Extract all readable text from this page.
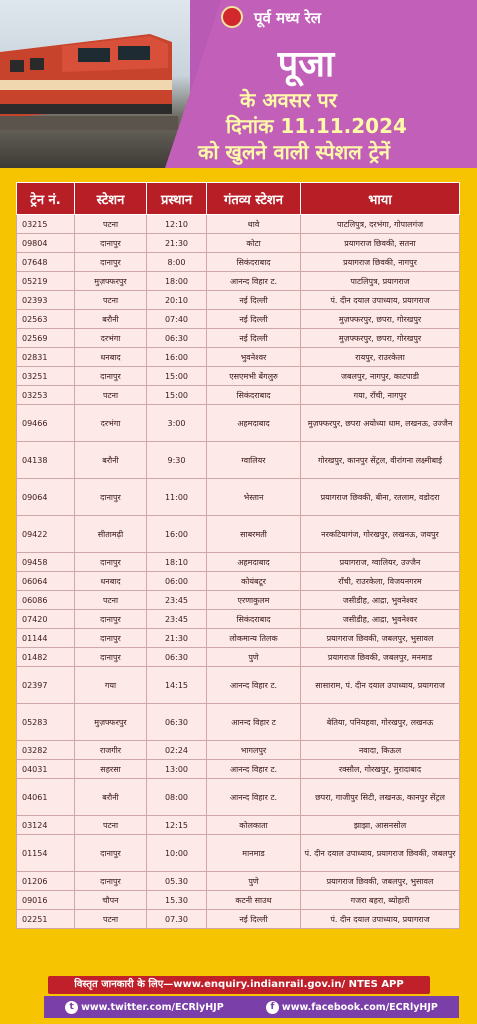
पूर्व मध्य रेल
पूजा
के अवसर पर
दिनांक 11.11.2024
को खुलने वाली स्पेशल ट्रेनें
ट्रेन नं.	स्टेशन	प्रस्थान	गंतव्य स्टेशन	भाया
03215	पटना	12:10	थावे	पाटलिपुत्र, दरभंगा, गोपालगंज
09804	दानापुर	21:30	कोटा	प्रयागराज छिवकी, सतना
07648	दानापुर	8:00	सिकंदराबाद	प्रयागराज छिवकी, नागपुर
05219	मुज़फ्फरपुर	18:00	आनन्द विहार ट.	पाटलिपुत्र, प्रयागराज
02393	पटना	20:10	नई दिल्ली	पं. दीन दयाल उपाध्याय, प्रयागराज
02563	बरौनी	07:40	नई दिल्ली	मुज़फ्फरपुर, छपरा, गोरखपुर
02569	दरभंगा	06:30	नई दिल्ली	मुज़फ्फरपुर, छपरा, गोरखपुर
02831	धनबाद	16:00	भुवनेश्वर	रायपुर, राउरकेला
03251	दानापुर	15:00	एसएमभी बेंगलुरु	जबलपुर, नागपुर, काटपाडी
03253	पटना	15:00	सिकंदराबाद	गया, राँची, नागपुर
09466	दरभंगा	3:00	अहमदाबाद	मुज़फ्फरपुर, छपरा अयोध्या धाम, लखनऊ, उज्जैन
04138	बरौनी	9:30	ग्वालियर	गोरखपुर, कानपुर सेंट्रल, वीरांगना लक्ष्मीबाई
09064	दानापुर	11:00	भेस्तान	प्रयागराज छिवकी, बीना, रतलाम, वडोदरा
09422	सीतामढ़ी	16:00	साबरमती	नरकटियागंज, गोरखपुर, लखनऊ, जयपुर
09458	दानापुर	18:10	अहमदाबाद	प्रयागराज, ग्वालियर, उज्जैन
06064	धनबाद	06:00	कोयंबटूर	राँची, राउरकेला, विजयनगरम
06086	पटना	23:45	एरणाकुलम	जसीडीह, आद्रा, भुवनेश्वर
07420	दानापुर	23:45	सिकंदराबाद	जसीडीह, आद्रा, भुवनेश्वर
01144	दानापुर	21:30	लोकमान्य तिलक	प्रयागराज छिवकी, जबलपुर, भुसावल
01482	दानापुर	06:30	पुणे	प्रयागराज छिवकी, जबलपुर, मनमाड
02397	गया	14:15	आनन्द विहार ट.	सासाराम, पं. दीन दयाल उपाध्याय, प्रयागराज
05283	मुज़फ्फरपुर	06:30	आनन्द विहार ट	बेतिया, पनियहवा, गोरखपुर, लखनऊ
03282	राजगीर	02:24	भागलपुर	नवादा, किऊल
04031	सहरसा	13:00	आनन्द विहार ट.	रक्सौल, गोरखपुर, मुरादाबाद
04061	बरौनी	08:00	आनन्द विहार ट.	छपरा, गाजीपुर सिटी, लखनऊ, कानपुर सेंट्रल
03124	पटना	12:15	कोलकाता	झाझा, आसनसोल
01154	दानापुर	10:00	मानमाड	पं. दीन दयाल उपाध्याय, प्रयागराज छिवकी, जबलपुर
01206	दानापुर	05.30	पुणे	प्रयागराज छिवकी, जबलपुर, भुसावल
09016	चौपन	15.30	कटनी साउथ	गजरा बहरा, ब्योहारी
02251	पटना	07.30	नई दिल्ली	पं. दीन दयाल उपाध्याय, प्रयागराज
विस्तृत जानकारी के लिए—www.enquiry.indianrail.gov.in/ NTES APP
t www.twitter.com/ECRlyHJP	f www.facebook.com/ECRlyHJP
